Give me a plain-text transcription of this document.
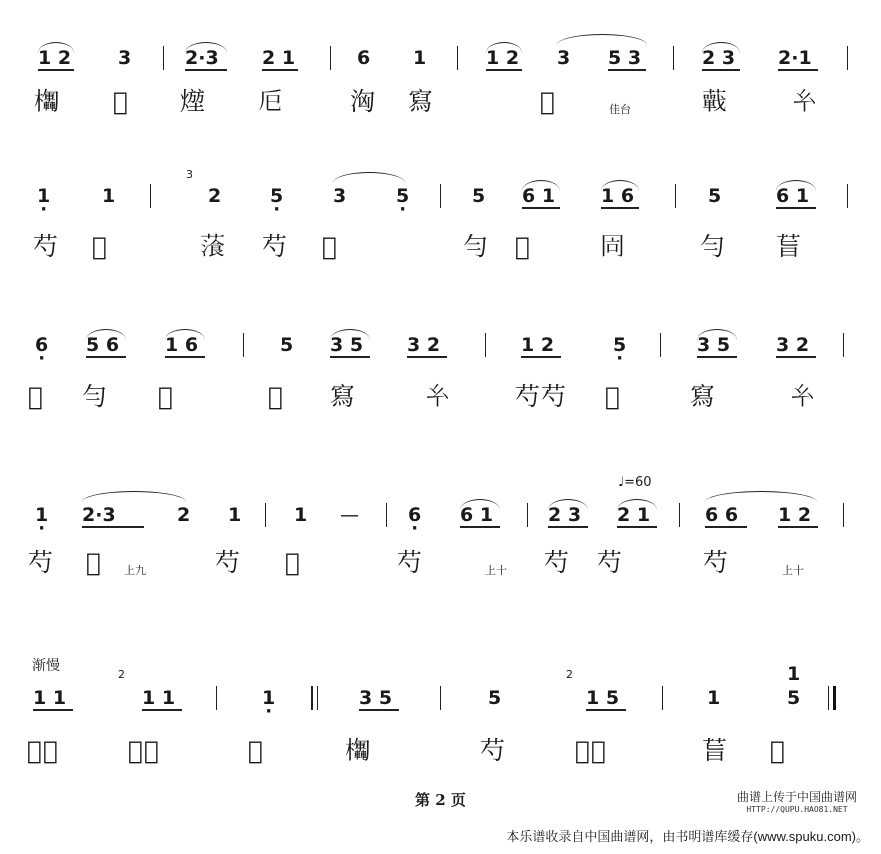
1 2 3	2·3 2 1	6 1	1 2 3 5 3	2 3 2·1
𣡴 𣡹 𤍣 𢀴	洶 寫	𣡹	佳台	𧂁	𢆯
1 ·	1
3
2	5 ·	3	5 ·	5 6 1 1 6	5	6 1
芍 𠀉	𦻂 芍 𠀉	勻 𣷤	𠕑	勻 𦮂
6 · 5 6 1 6	5 3 5 3 2	1 2	5 ·	3 5 3 2
𣷤 勻 𦹗	𠃧 寫	𢆯	芍芍 𠃧	寫	𢆯
♩=60
1 · 2·3	2 1	1 —	6 · 6 1	2 3 2 1	6 6 1 2
芍 𠃧 上九	芍 𠃧	芍	上十 芍 芍	芍	上十
渐慢
1 1
2
1 1	1 ·	3 5	5
2
1 5	1
1
5
𠃧芍	𦹗芍	𠃧	𣡴	芍	𦹗芍	𦮂 𣡹
第 2 页	曲谱上传于中国曲谱网
HTTP://QUPU.HAO81.NET
本乐谱收录自中国曲谱网，由书明谱库缓存(www.spuku.com)。
